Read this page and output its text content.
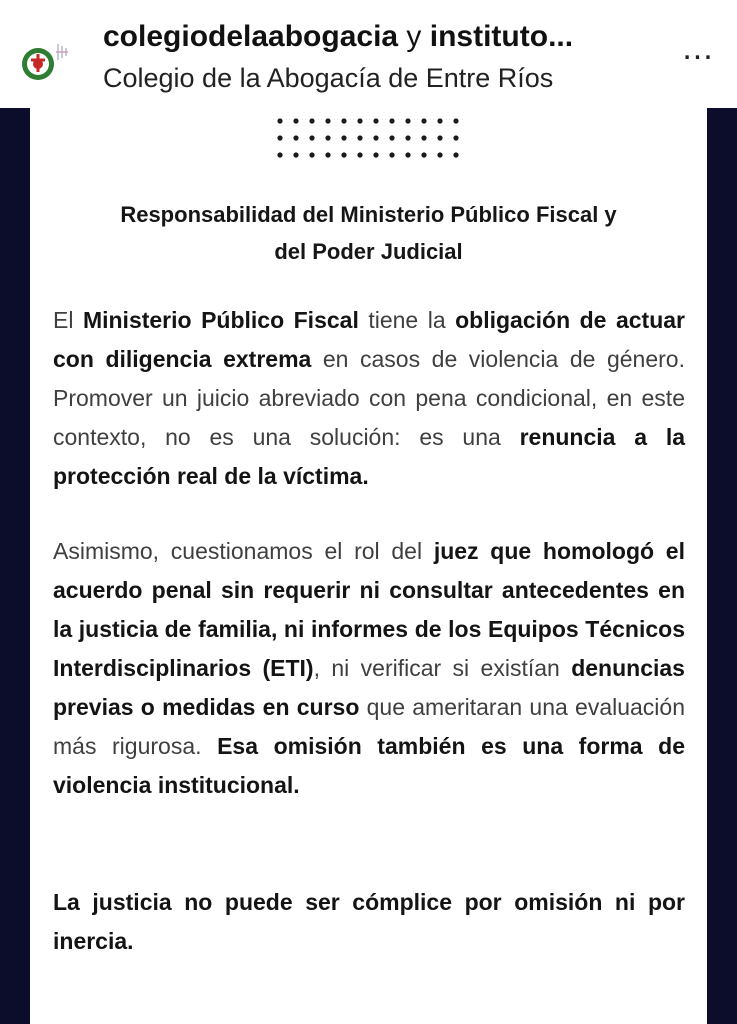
colegiodelaabogacia y instituto...
Colegio de la Abogacía de Entre Ríos
...
Responsabilidad del Ministerio Público Fiscal y
del Poder Judicial
El Ministerio Público Fiscal tiene la obligación de actuar con diligencia extrema en casos de violencia de género. Promover un juicio abreviado con pena condicional, en este contexto, no es una solución: es una renuncia a la protección real de la víctima.
Asimismo, cuestionamos el rol del juez que homologó el acuerdo penal sin requerir ni consultar antecedentes en la justicia de familia, ni informes de los Equipos Técnicos Interdisciplinarios (ETI), ni verificar si existían denuncias previas o medidas en curso que ameritaran una evaluación más rigurosa. Esa omisión también es una forma de violencia institucional.
La justicia no puede ser cómplice por omisión ni por inercia.
